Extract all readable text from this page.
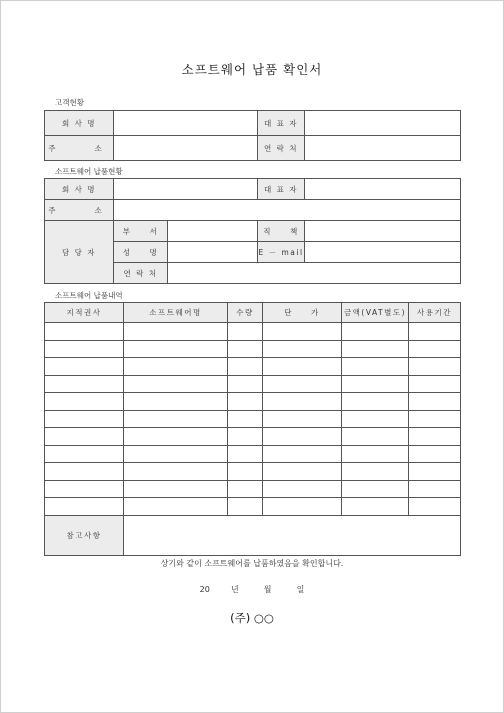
소프트웨어 납품 확인서
고객현황
회 사 명		대 표 자	
주　　소		연 락 처	
소프트웨어 납품현황
회 사 명			대 표 자	
주　　소				
담 당 자	부　　서		직　　책	
	성　　명		E － mail	
	연 락 처			
소프트웨어 납품내역
지적권사	소프트웨어명	수량	단　　가	금액(VAT별도)	사용기간

참고사항					
상기와 같이 소프트웨어를 납품하였음을 확인합니다.
20	년	월	일
(주) ○○
